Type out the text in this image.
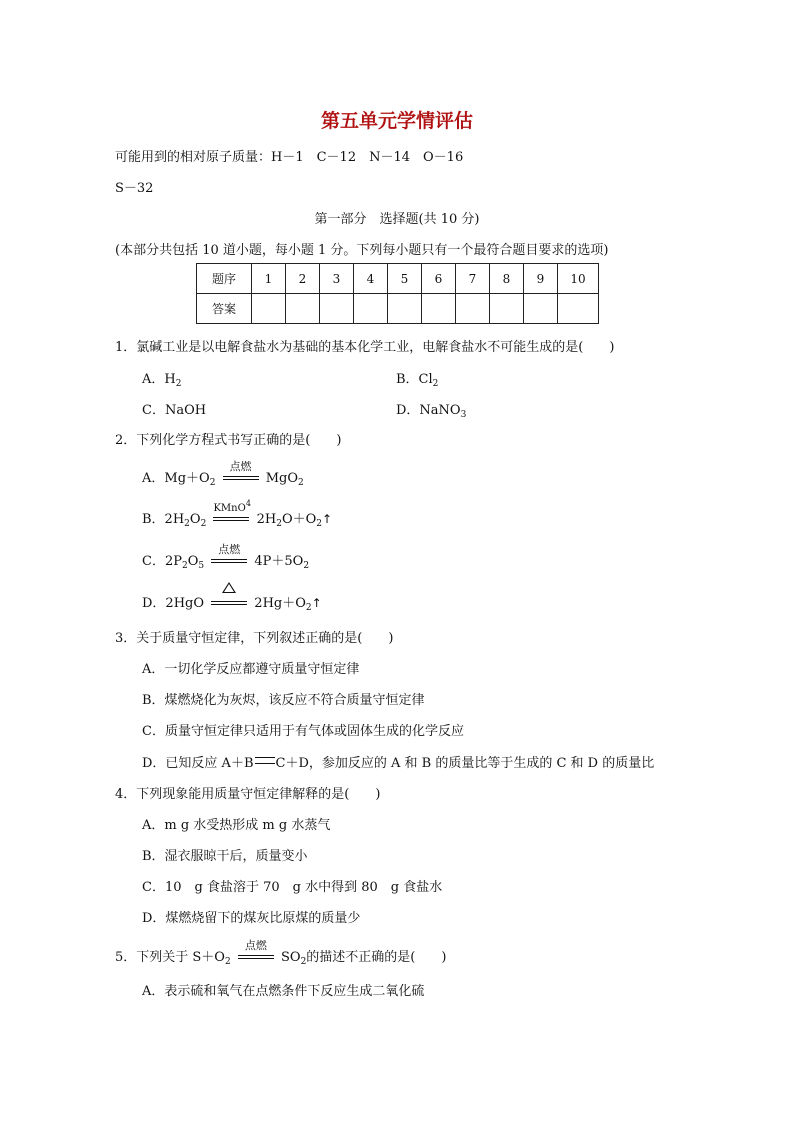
第五单元学情评估
可能用到的相对原子质量：H－1　C－12　N－14　O－16
S－32
第一部分　选择题(共 10 分)
(本部分共包括 10 道小题，每小题 1 分。下列每小题只有一个最符合题目要求的选项)
题序	1	2	3	4	5	6	7	8	9	10
答案										
1．氯碱工业是以电解食盐水为基础的基本化学工业，电解食盐水不可能生成的是(　　)
A．$H_2$	B．$Cl_2$
C．NaOH	D．NaNO$_3$
2．下列化学方程式书写正确的是(　　)
A．$Mg+O_2$
点燃
MgO$_2$
B．$2H_2O_2$
KMnO$^4$
$2H_2O+O_2↑$
C．$2P_2O_5$
点燃
$4P+5O_2$
D．2HgO	$2Hg+O_2↑$
3．关于质量守恒定律，下列叙述正确的是(　　)
A．一切化学反应都遵守质量守恒定律
B．煤燃烧化为灰烬，该反应不符合质量守恒定律
C．质量守恒定律只适用于有气体或固体生成的化学反应
D．已知反应 A＋B C＋D，参加反应的 A 和 B 的质量比等于生成的 C 和 D 的质量比
4．下列现象能用质量守恒定律解释的是(　　)
A．m g 水受热形成 m g 水蒸气
B．湿衣服晾干后，质量变小
C．10　g 食盐溶于 70　g 水中得到 80　g 食盐水
D．煤燃烧留下的煤灰比原煤的质量少
5．下列关于 $S+O_2$
点燃
$SO_2$的描述不正确的是(　　)
A．表示硫和氧气在点燃条件下反应生成二氧化硫
